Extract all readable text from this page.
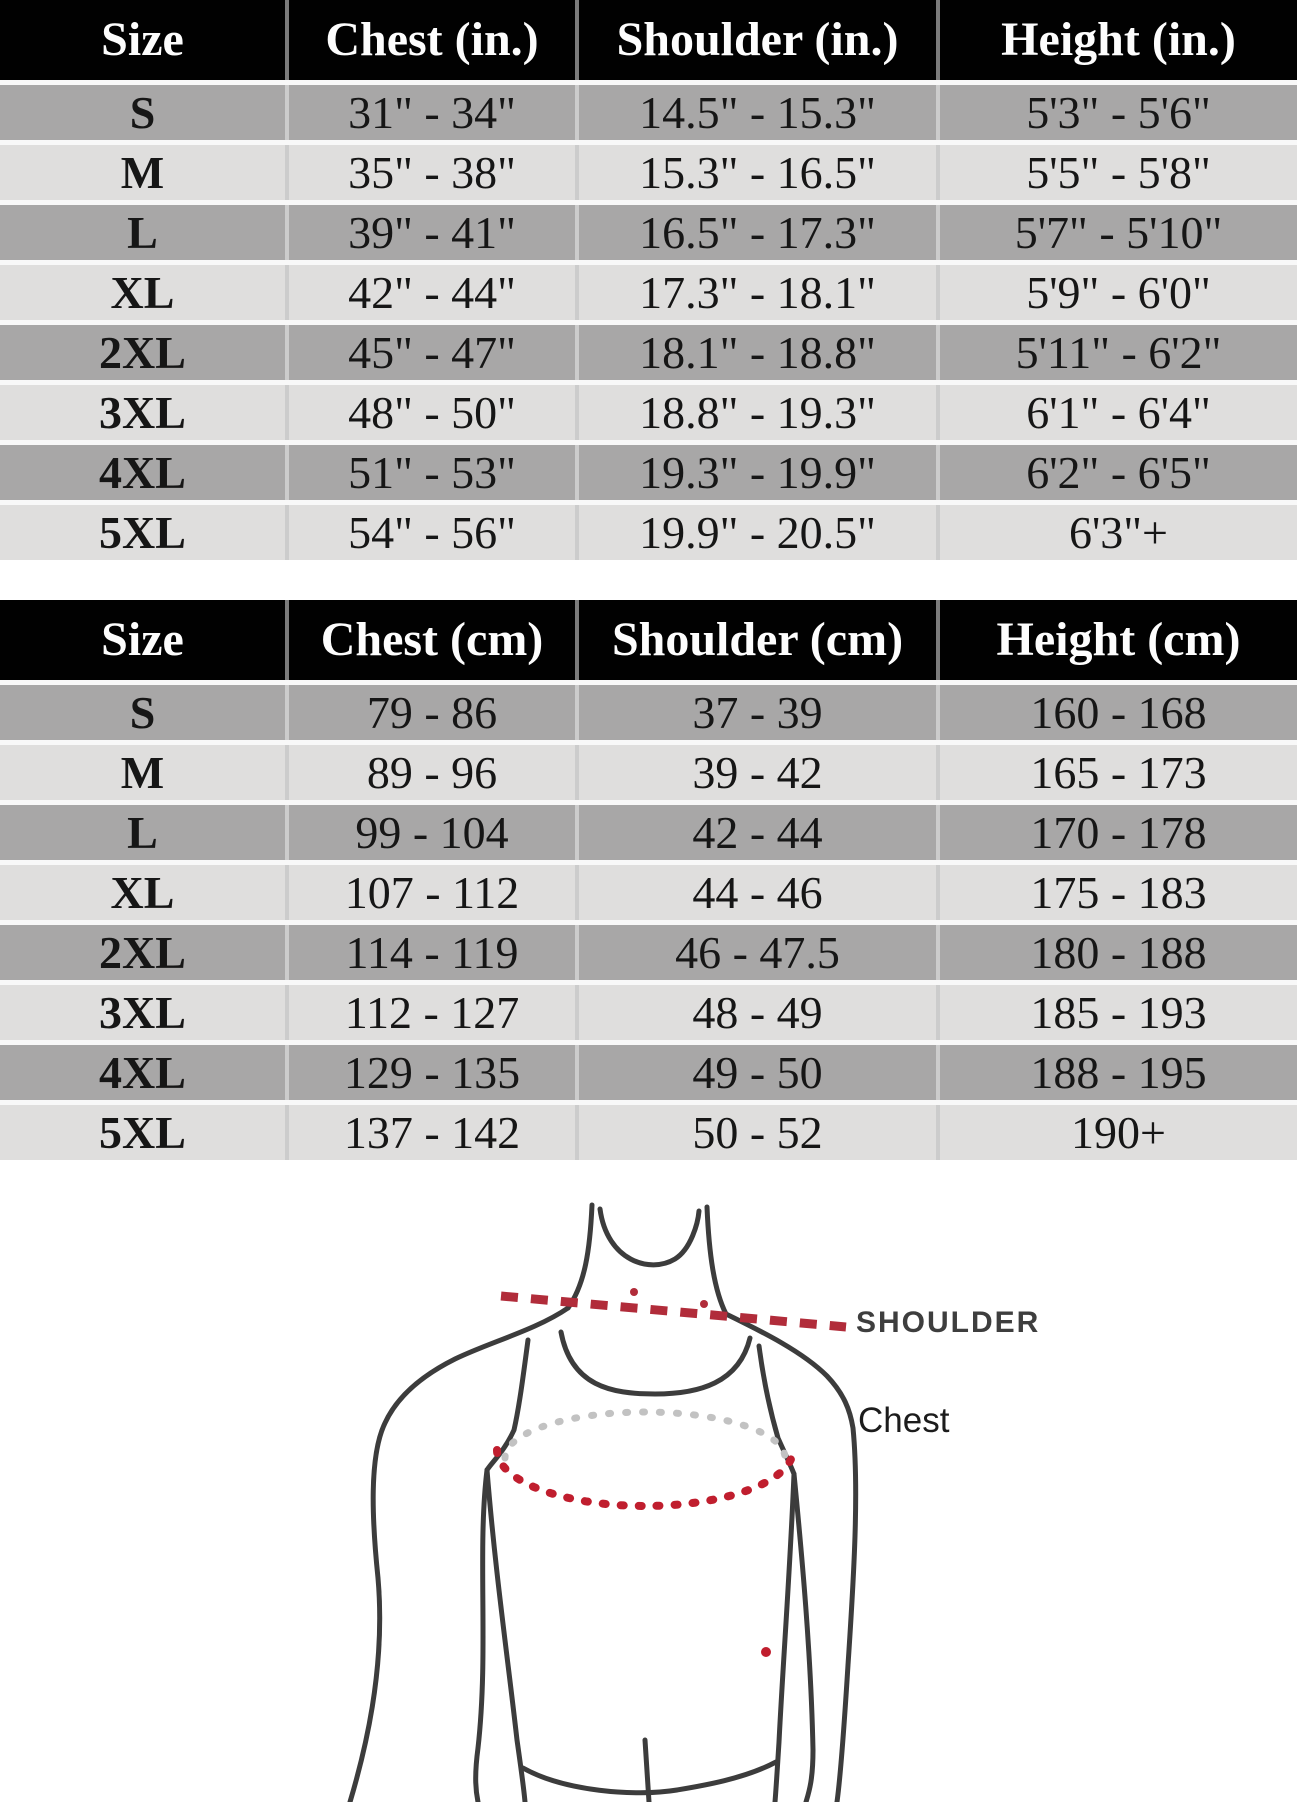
Size	Chest (in.)	Shoulder (in.)	Height (in.)
S	31" - 34"	14.5" - 15.3"	5'3" - 5'6"
M	35" - 38"	15.3" - 16.5"	5'5" - 5'8"
L	39" - 41"	16.5" - 17.3"	5'7" - 5'10"
XL	42" - 44"	17.3" - 18.1"	5'9" - 6'0"
2XL	45" - 47"	18.1" - 18.8"	5'11" - 6'2"
3XL	48" - 50"	18.8" - 19.3"	6'1" - 6'4"
4XL	51" - 53"	19.3" - 19.9"	6'2" - 6'5"
5XL	54" - 56"	19.9" - 20.5"	6'3"+
Size	Chest (cm)	Shoulder (cm)	Height (cm)
S	79 - 86	37 - 39	160 - 168
M	89 - 96	39 - 42	165 - 173
L	99 - 104	42 - 44	170 - 178
XL	107 - 112	44 - 46	175 - 183
2XL	114 - 119	46 - 47.5	180 - 188
3XL	112 - 127	48 - 49	185 - 193
4XL	129 - 135	49 - 50	188 - 195
5XL	137 - 142	50 - 52	190+
SHOULDER
Chest
